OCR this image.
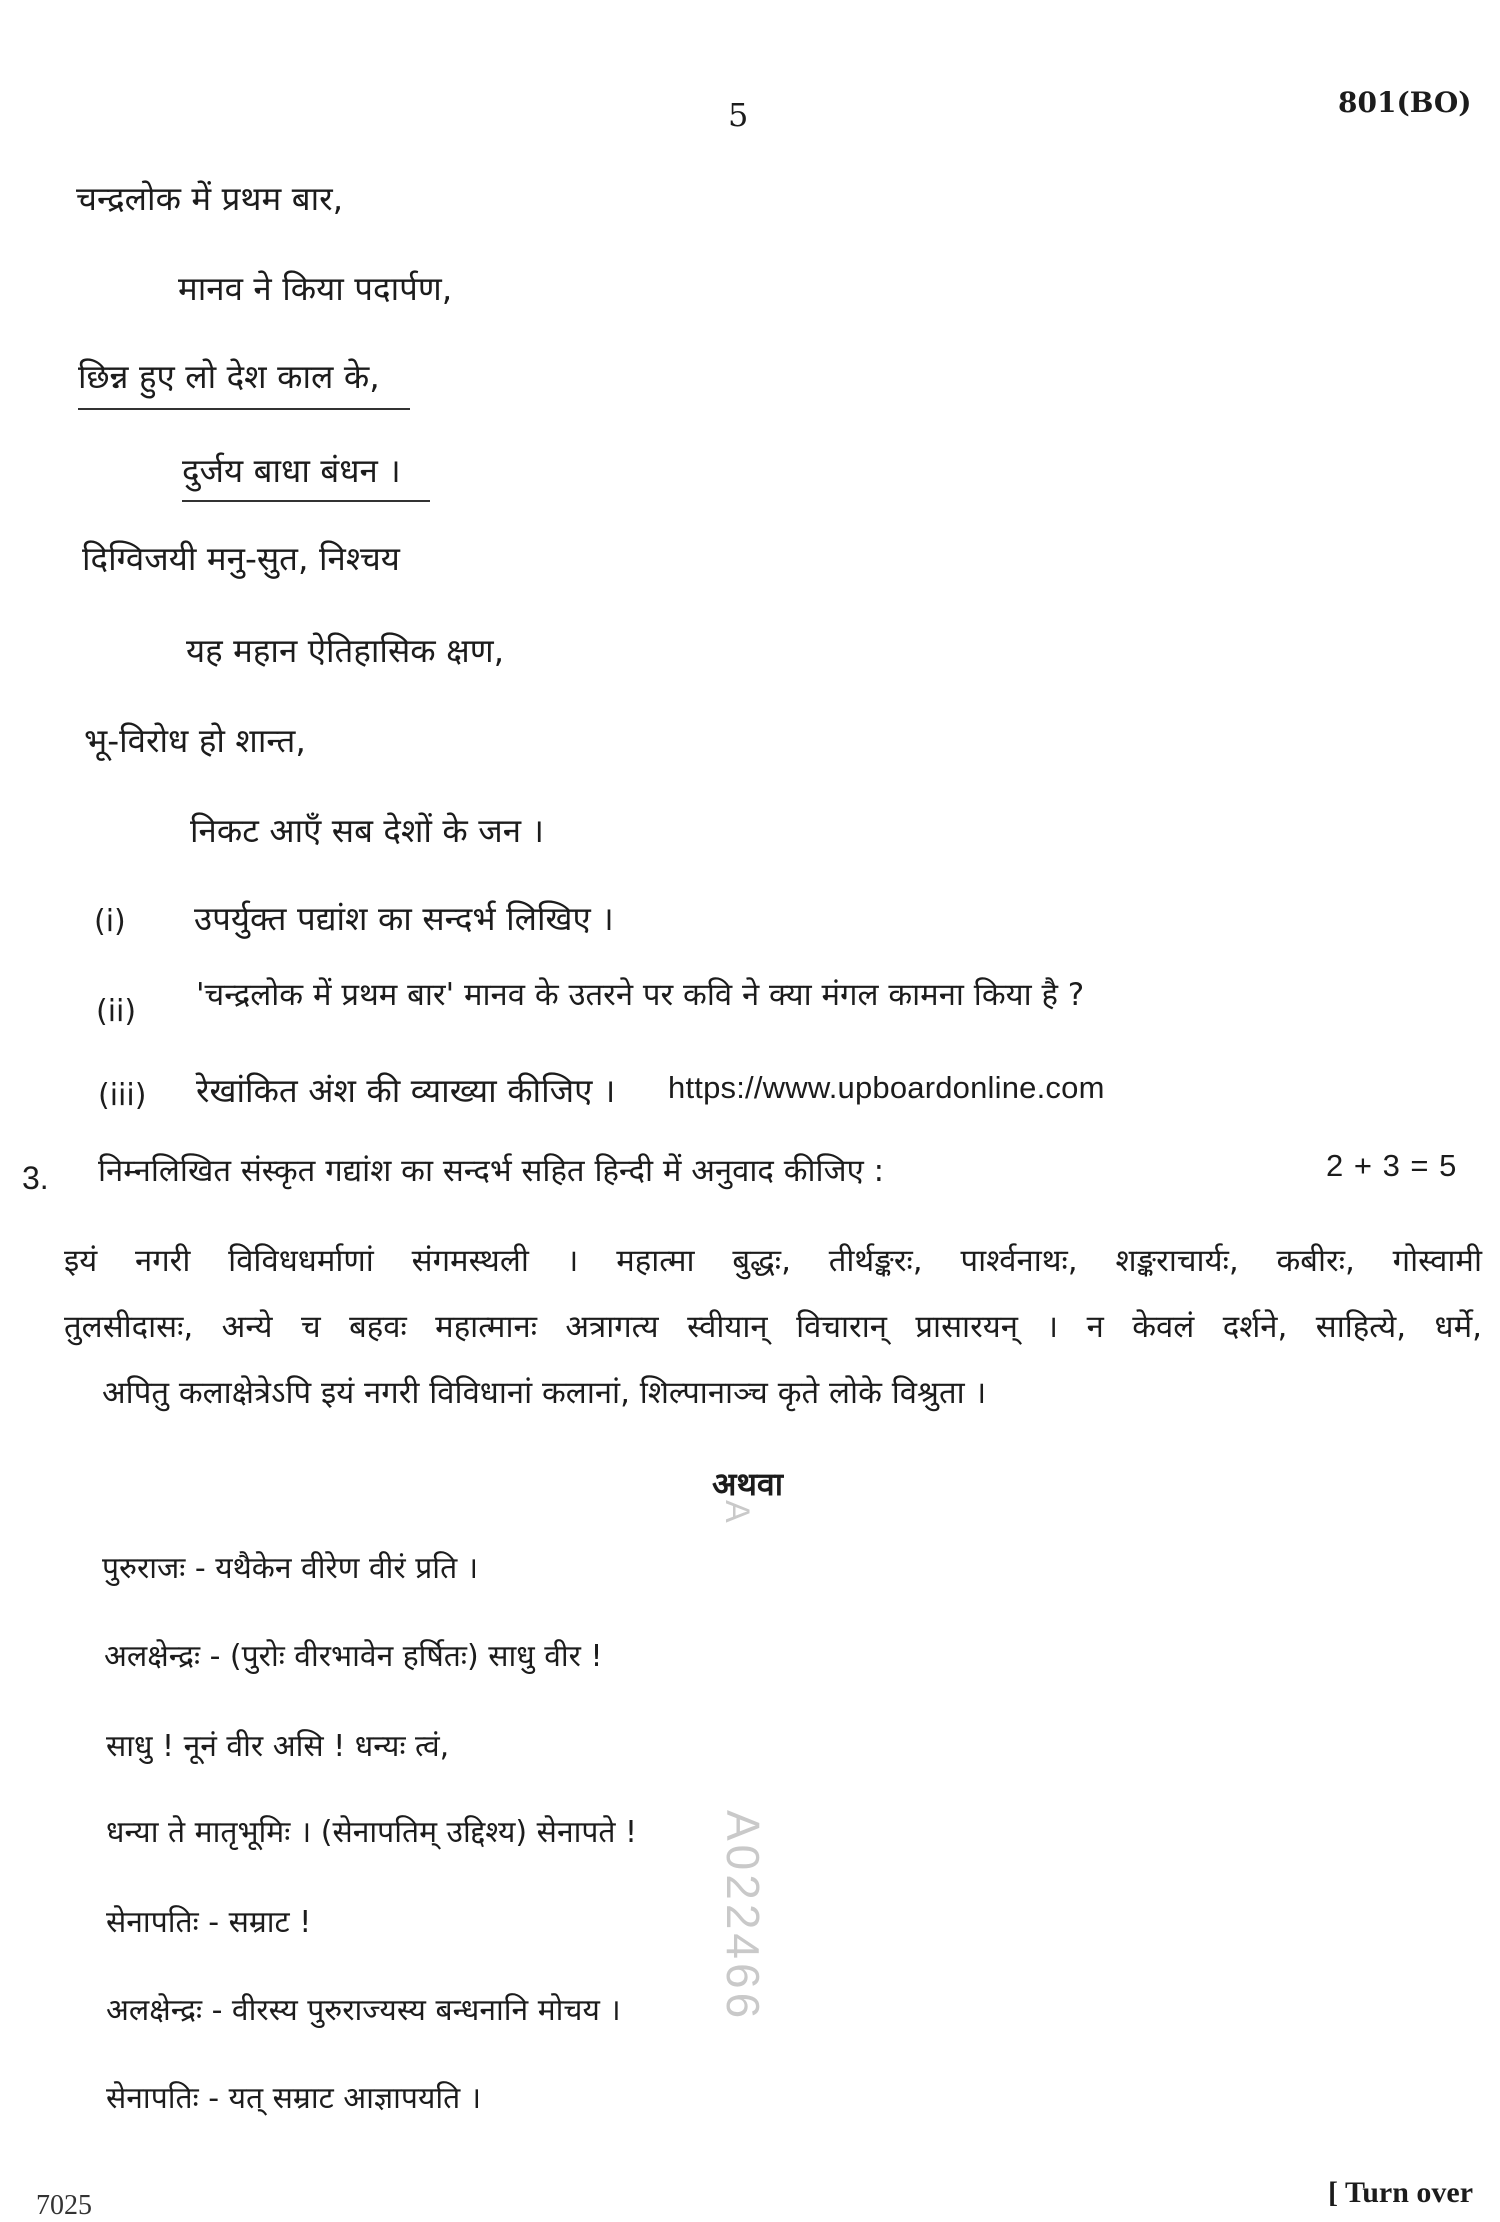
5	801(BO)
चन्द्रलोक में प्रथम बार,
मानव ने किया पदार्पण,
छिन्न हुए लो देश काल के,
दुर्जय बाधा बंधन ।
दिग्विजयी मनु-सुत, निश्चय
यह महान ऐतिहासिक क्षण,
भू-विरोध हो शान्त,
निकट आएँ सब देशों के जन ।
(i) उपर्युक्त पद्यांश का सन्दर्भ लिखिए ।
(ii) 'चन्द्रलोक में प्रथम बार' मानव के उतरने पर कवि ने क्या मंगल कामना किया है ?
(iii) रेखांकित अंश की व्याख्या कीजिए । https://www.upboardonline.com
3. निम्नलिखित संस्कृत गद्यांश का सन्दर्भ सहित हिन्दी में अनुवाद कीजिए :	2 + 3 = 5
इयं नगरी विविधधर्माणां संगमस्थली । महात्मा बुद्धः, तीर्थङ्करः, पार्श्वनाथः, शङ्कराचार्यः, कबीरः, गोस्वामी
तुलसीदासः, अन्ये च बहवः महात्मानः अत्रागत्य स्वीयान् विचारान् प्रासारयन् । न केवलं दर्शने, साहित्ये, धर्मे,
अपितु कलाक्षेत्रेऽपि इयं नगरी विविधानां कलानां, शिल्पानाञ्च कृते लोके विश्रुता ।
अथवा
पुरुराजः - यथैकेन वीरेण वीरं प्रति ।
अलक्षेन्द्रः - (पुरोः वीरभावेन हर्षितः) साधु वीर !
साधु ! नूनं वीर असि ! धन्यः त्वं,
धन्या ते मातृभूमिः । (सेनापतिम् उद्दिश्य) सेनापते !
सेनापतिः - सम्राट !
अलक्षेन्द्रः - वीरस्य पुरुराज्यस्य बन्धनानि मोचय ।
सेनापतिः - यत् सम्राट आज्ञापयति ।
A022466
A
7025	[ Turn over
